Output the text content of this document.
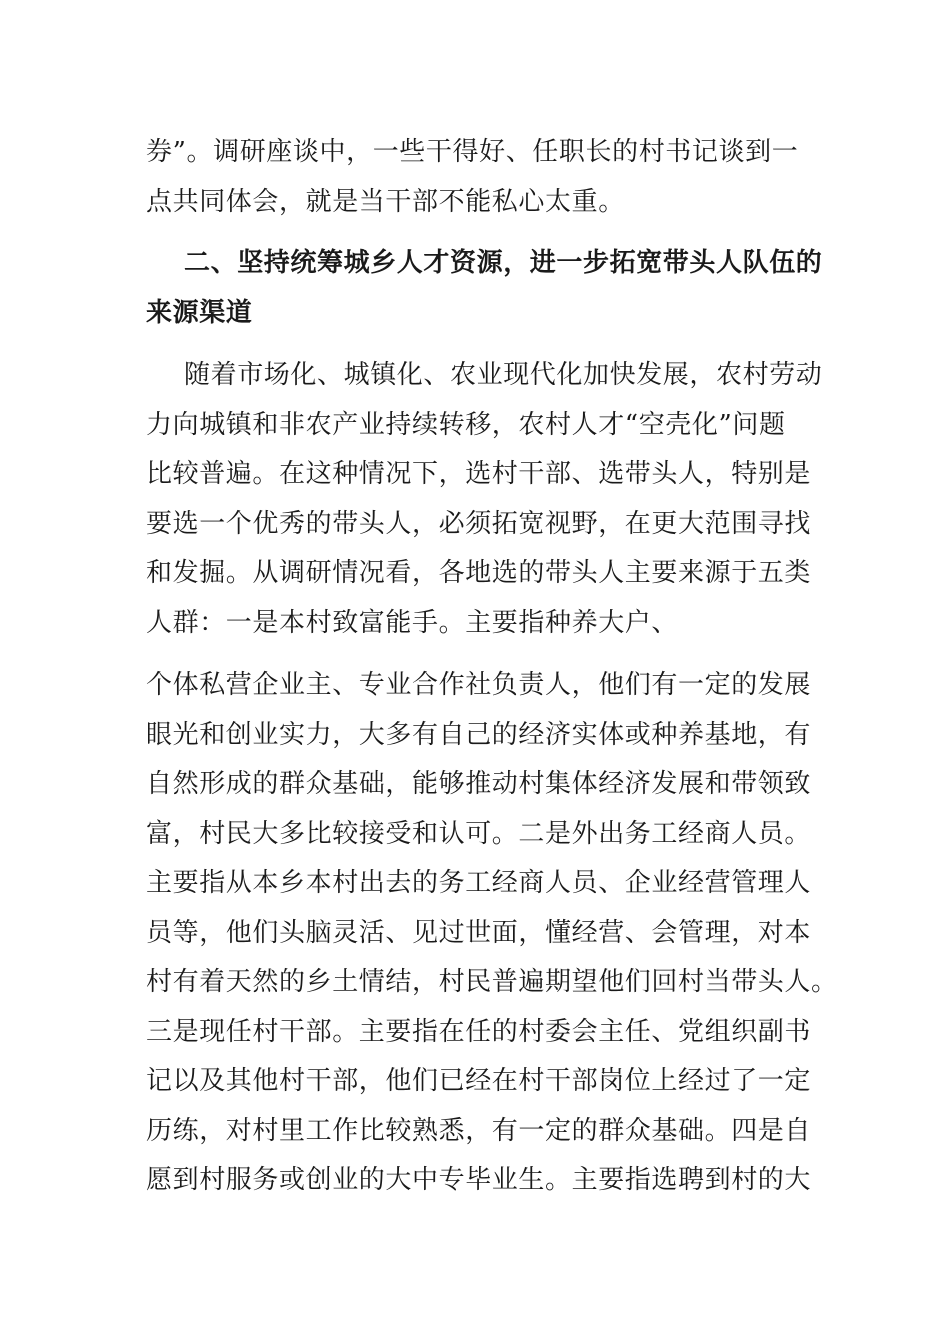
券”。调研座谈中，一些干得好、任职长的村书记谈到一
点共同体会，就是当干部不能私心太重。
二、坚持统筹城乡人才资源，进一步拓宽带头人队伍的
来源渠道
随着市场化、城镇化、农业现代化加快发展，农村劳动
力向城镇和非农产业持续转移，农村人才“空壳化”问题
比较普遍。在这种情况下，选村干部、选带头人，特别是
要选一个优秀的带头人，必须拓宽视野，在更大范围寻找
和发掘。从调研情况看，各地选的带头人主要来源于五类
人群：一是本村致富能手。主要指种养大户、
个体私营企业主、专业合作社负责人，他们有一定的发展
眼光和创业实力，大多有自己的经济实体或种养基地，有
自然形成的群众基础，能够推动村集体经济发展和带领致
富，村民大多比较接受和认可。二是外出务工经商人员。
主要指从本乡本村出去的务工经商人员、企业经营管理人
员等，他们头脑灵活、见过世面，懂经营、会管理，对本
村有着天然的乡土情结，村民普遍期望他们回村当带头人。
三是现任村干部。主要指在任的村委会主任、党组织副书
记以及其他村干部，他们已经在村干部岗位上经过了一定
历练，对村里工作比较熟悉，有一定的群众基础。四是自
愿到村服务或创业的大中专毕业生。主要指选聘到村的大
